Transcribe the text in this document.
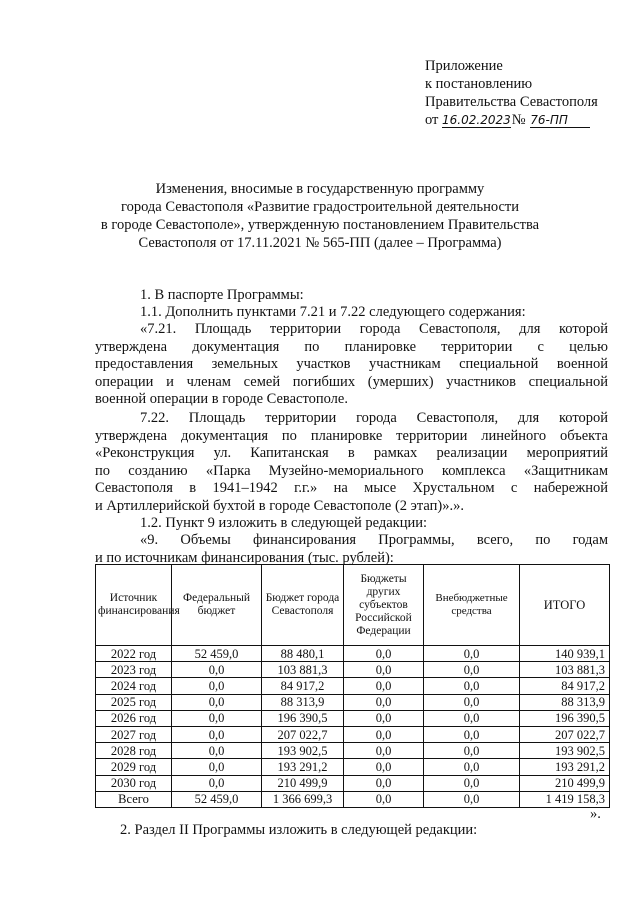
Приложение
к постановлению
Правительства Севастополя
от 16.02.2023№ 76-ПП
Изменения, вносимые в государственную программу
города Севастополя «Развитие градостроительной деятельности
в городе Севастополе», утвержденную постановлением Правительства
Севастополя от 17.11.2021 № 565-ПП (далее – Программа)
1. В паспорте Программы:
1.1. Дополнить пунктами 7.21 и 7.22 следующего содержания:
«7.21. Площадь территории города Севастополя, для которой
утверждена документация по планировке территории с целью
предоставления земельных участков участникам специальной военной
операции и членам семей погибших (умерших) участников специальной
военной операции в городе Севастополе.
7.22. Площадь территории города Севастополя, для которой
утверждена документация по планировке территории линейного объекта
«Реконструкция ул. Капитанская в рамках реализации мероприятий
по созданию «Парка Музейно-мемориального комплекса «Защитникам
Севастополя в 1941–1942 г.г.» на мысе Хрустальном с набережной
и Артиллерийской бухтой в городе Севастополе (2 этап)».».
1.2. Пункт 9 изложить в следующей редакции:
«9. Объемы финансирования Программы, всего, по годам
и по источникам финансирования (тыс. рублей):
Источник финансирования	Федеральный бюджет	Бюджет города Севастополя	Бюджеты других субъектов Российской Федерации	Внебюджетные средства	ИТОГО
2022 год	52 459,0	88 480,1	0,0	0,0	140 939,1
2023 год	0,0	103 881,3	0,0	0,0	103 881,3
2024 год	0,0	84 917,2	0,0	0,0	84 917,2
2025 год	0,0	88 313,9	0,0	0,0	88 313,9
2026 год	0,0	196 390,5	0,0	0,0	196 390,5
2027 год	0,0	207 022,7	0,0	0,0	207 022,7
2028 год	0,0	193 902,5	0,0	0,0	193 902,5
2029 год	0,0	193 291,2	0,0	0,0	193 291,2
2030 год	0,0	210 499,9	0,0	0,0	210 499,9
Всего	52 459,0	1 366 699,3	0,0	0,0	1 419 158,3
».
2. Раздел II Программы изложить в следующей редакции:
